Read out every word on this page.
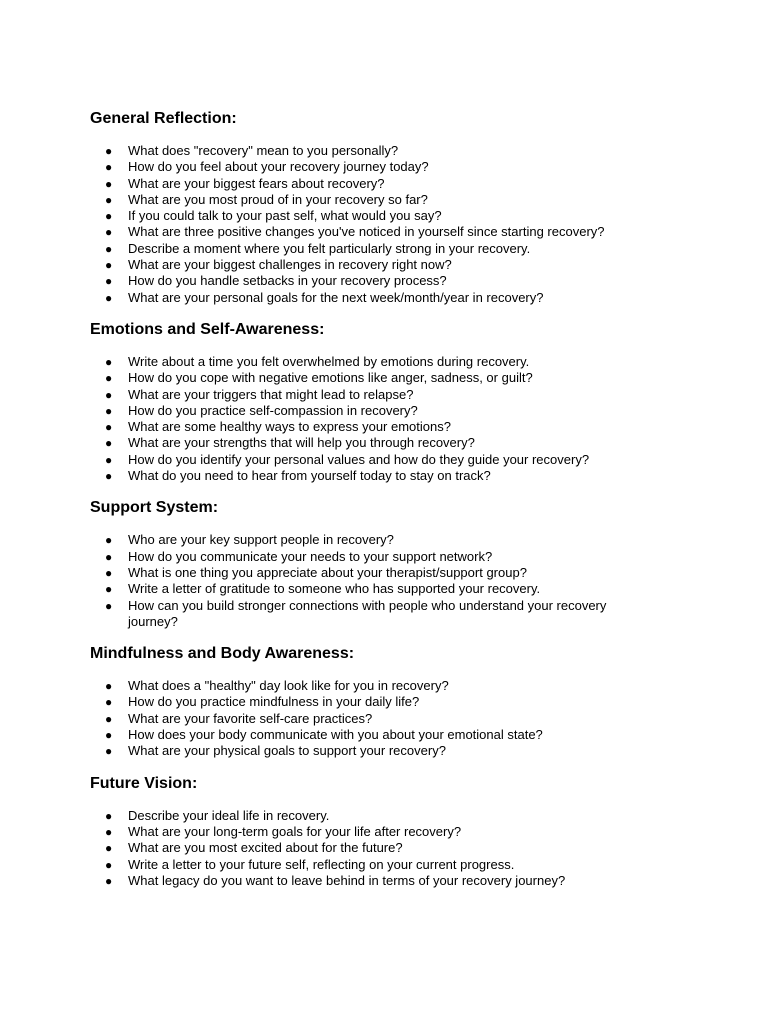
General Reflection:
● What does "recovery" mean to you personally?
● How do you feel about your recovery journey today?
● What are your biggest fears about recovery?
● What are you most proud of in your recovery so far?
● If you could talk to your past self, what would you say?
● What are three positive changes you've noticed in yourself since starting recovery?
● Describe a moment where you felt particularly strong in your recovery.
● What are your biggest challenges in recovery right now?
● How do you handle setbacks in your recovery process?
● What are your personal goals for the next week/month/year in recovery?
Emotions and Self-Awareness:
● Write about a time you felt overwhelmed by emotions during recovery.
● How do you cope with negative emotions like anger, sadness, or guilt?
● What are your triggers that might lead to relapse?
● How do you practice self-compassion in recovery?
● What are some healthy ways to express your emotions?
● What are your strengths that will help you through recovery?
● How do you identify your personal values and how do they guide your recovery?
● What do you need to hear from yourself today to stay on track?
Support System:
● Who are your key support people in recovery?
● How do you communicate your needs to your support network?
● What is one thing you appreciate about your therapist/support group?
● Write a letter of gratitude to someone who has supported your recovery.
● How can you build stronger connections with people who understand your recovery journey?
Mindfulness and Body Awareness:
● What does a "healthy" day look like for you in recovery?
● How do you practice mindfulness in your daily life?
● What are your favorite self-care practices?
● How does your body communicate with you about your emotional state?
● What are your physical goals to support your recovery?
Future Vision:
● Describe your ideal life in recovery.
● What are your long-term goals for your life after recovery?
● What are you most excited about for the future?
● Write a letter to your future self, reflecting on your current progress.
● What legacy do you want to leave behind in terms of your recovery journey?
